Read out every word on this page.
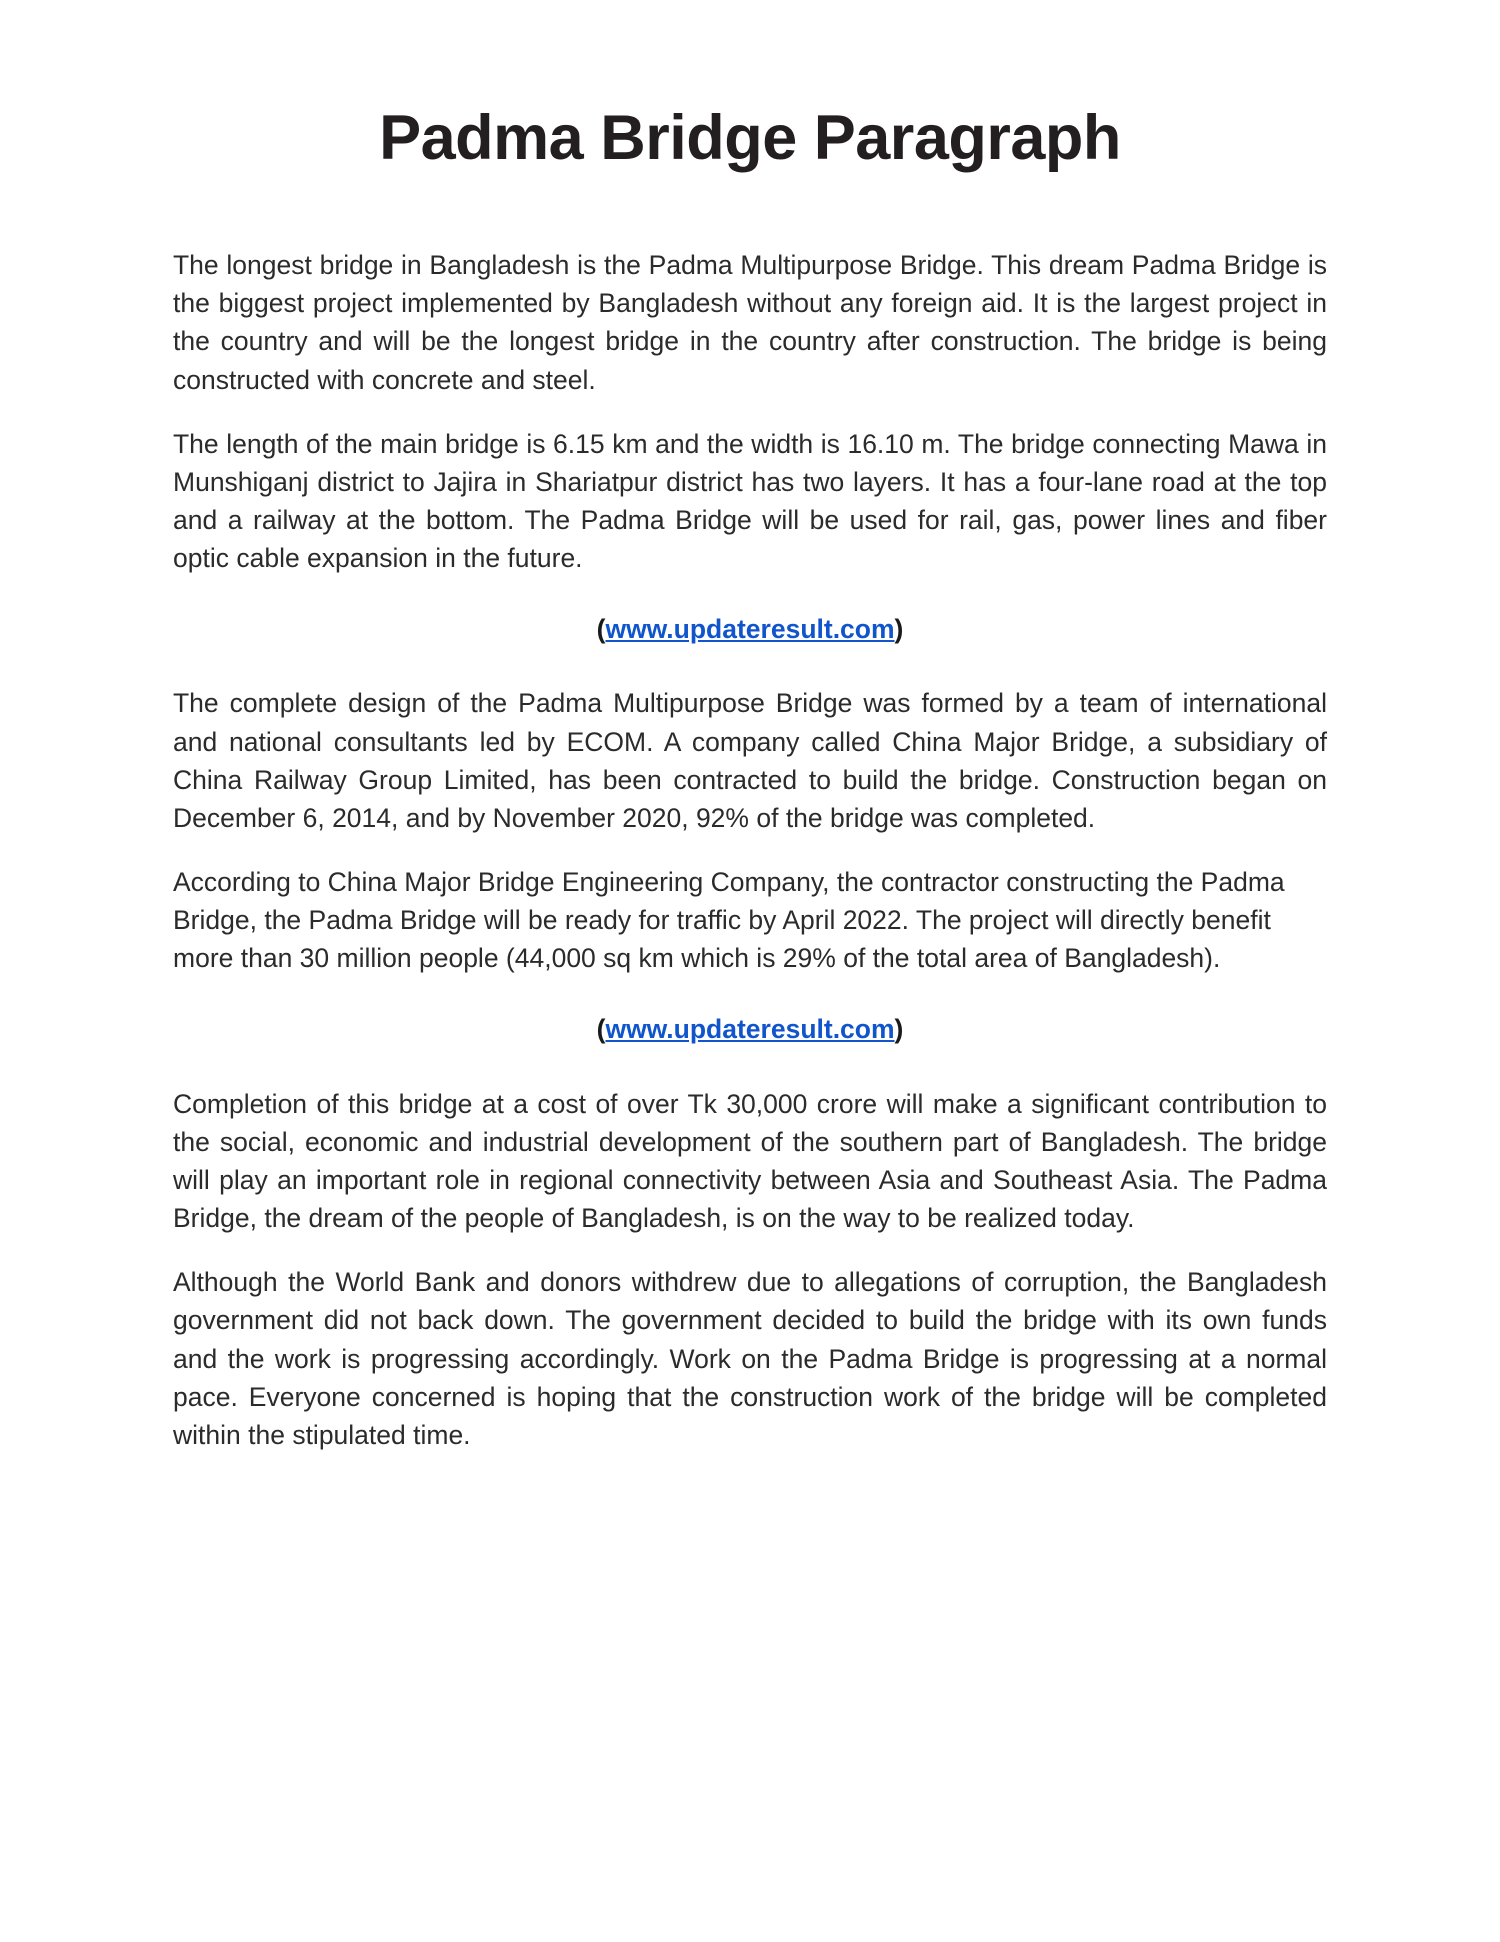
Padma Bridge Paragraph

The longest bridge in Bangladesh is the Padma Multipurpose Bridge. This dream Padma Bridge is the biggest project implemented by Bangladesh without any foreign aid. It is the largest project in the country and will be the longest bridge in the country after construction. The bridge is being constructed with concrete and steel.

The length of the main bridge is 6.15 km and the width is 16.10 m. The bridge connecting Mawa in Munshiganj district to Jajira in Shariatpur district has two layers. It has a four-lane road at the top and a railway at the bottom. The Padma Bridge will be used for rail, gas, power lines and fiber optic cable expansion in the future.

(www.updateresult.com)

The complete design of the Padma Multipurpose Bridge was formed by a team of international and national consultants led by ECOM. A company called China Major Bridge, a subsidiary of China Railway Group Limited, has been contracted to build the bridge. Construction began on December 6, 2014, and by November 2020, 92% of the bridge was completed.

According to China Major Bridge Engineering Company, the contractor constructing the Padma Bridge, the Padma Bridge will be ready for traffic by April 2022. The project will directly benefit more than 30 million people (44,000 sq km which is 29% of the total area of Bangladesh).

(www.updateresult.com)

Completion of this bridge at a cost of over Tk 30,000 crore will make a significant contribution to the social, economic and industrial development of the southern part of Bangladesh. The bridge will play an important role in regional connectivity between Asia and Southeast Asia. The Padma Bridge, the dream of the people of Bangladesh, is on the way to be realized today.

Although the World Bank and donors withdrew due to allegations of corruption, the Bangladesh government did not back down. The government decided to build the bridge with its own funds and the work is progressing accordingly. Work on the Padma Bridge is progressing at a normal pace. Everyone concerned is hoping that the construction work of the bridge will be completed within the stipulated time.
